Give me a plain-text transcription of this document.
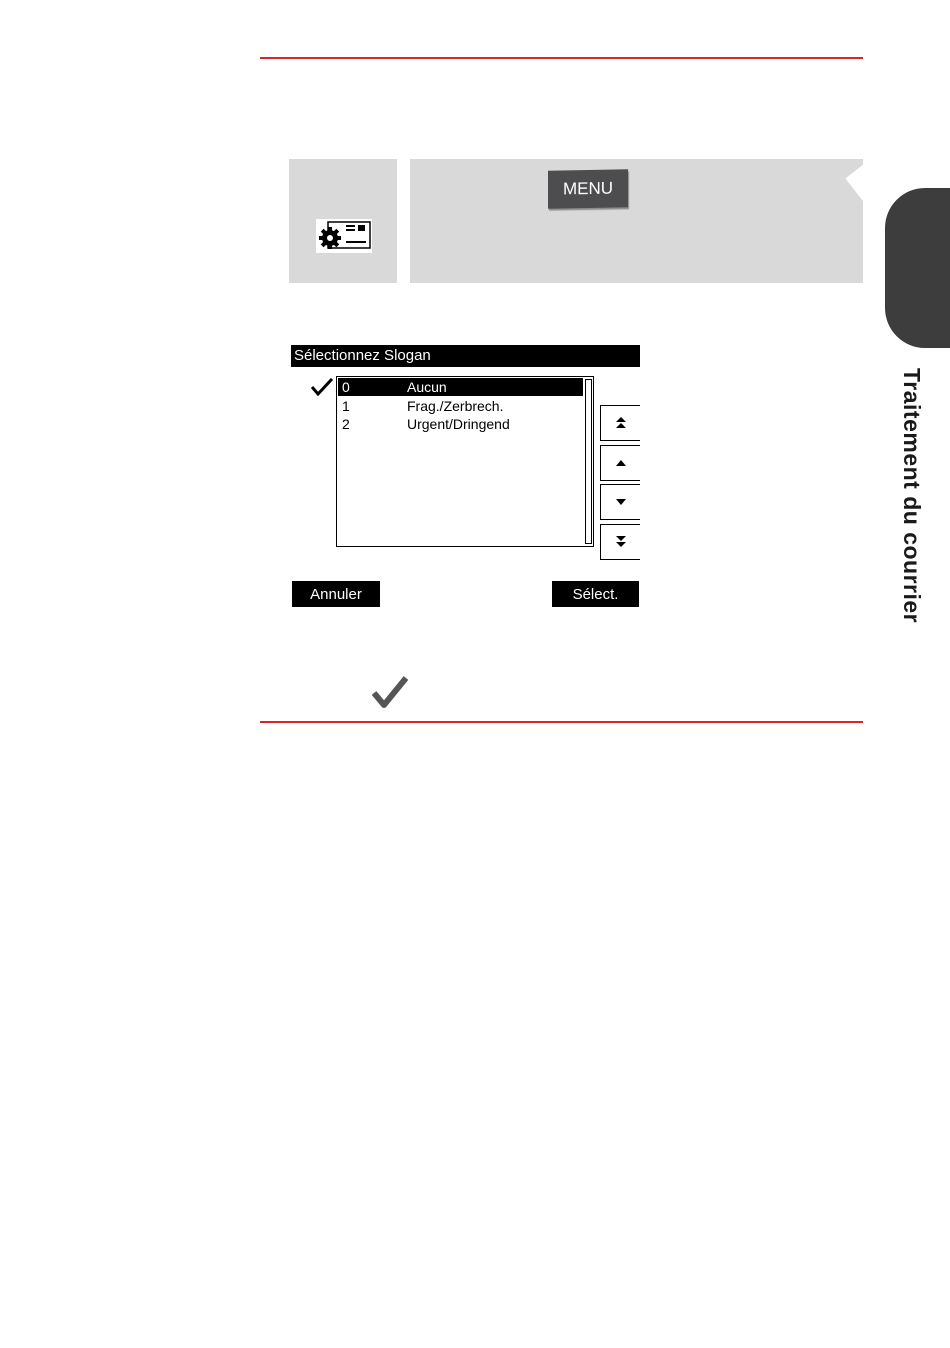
MENU
Sélectionnez Slogan
0	Aucun
1	Frag./Zerbrech.
2	Urgent/Dringend
Annuler	Sélect.	Traitement du courrier
